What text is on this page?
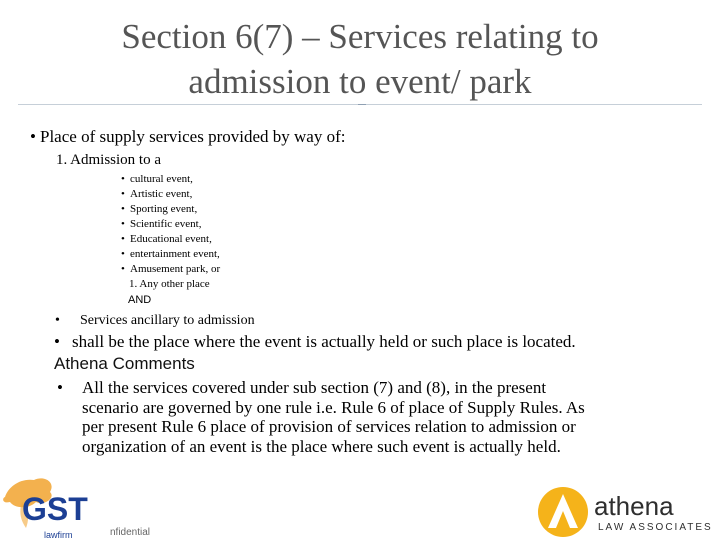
Section 6(7) – Services relating to
admission to event/ park
• Place of supply services provided by way of:
1. Admission to a
• cultural event,
• Artistic event,
• Sporting event,
• Scientific event,
• Educational event,
• entertainment event,
• Amusement park, or
1. Any other place
AND
• Services ancillary to admission
• shall be the place where the event is actually held or such place is located.
Athena Comments
• All the services covered under sub section (7) and (8), in the present
scenario are governed by one rule i.e. Rule 6 of place of Supply Rules. As
per present Rule 6 place of provision of services relation to admission or
organization of an event is the place where such event is actually held.
GST
lawfirm	nfidential
athena
LAW ASSOCIATES
